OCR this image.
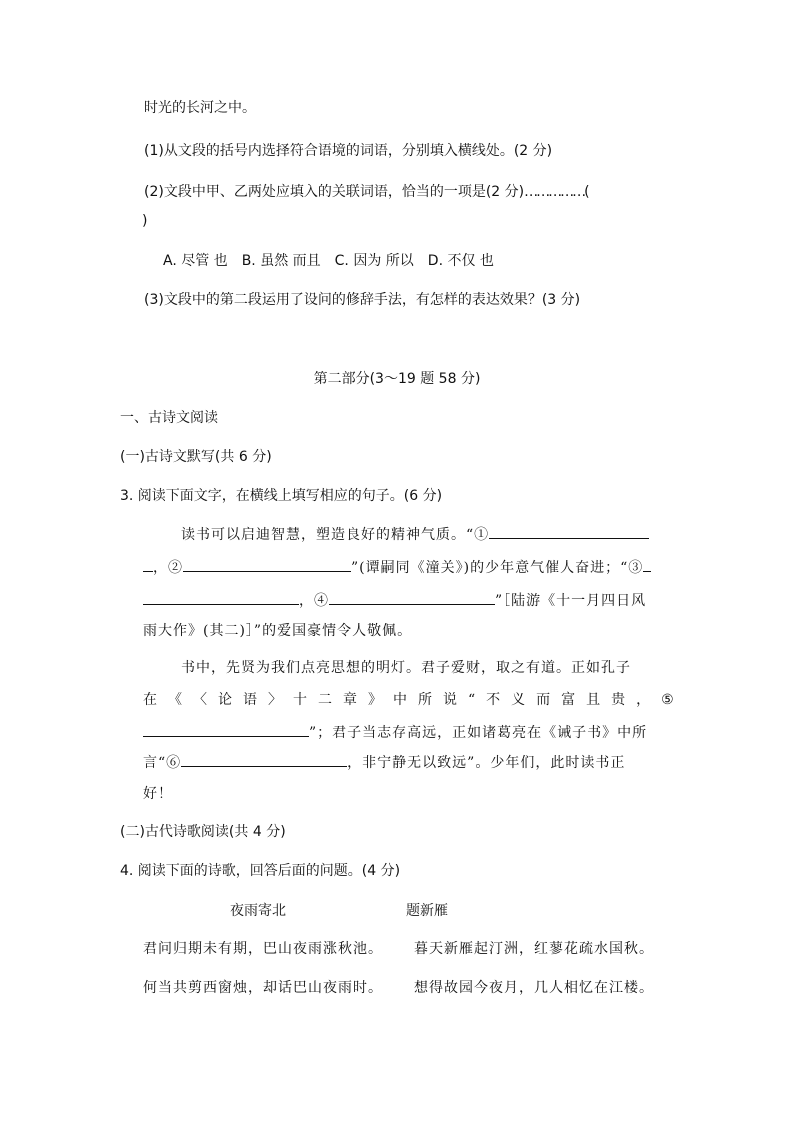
时光的长河之中。
(1)从文段的括号内选择符合语境的词语，分别填入横线处。(2 分)
(2)文段中甲、乙两处应填入的关联词语，恰当的一项是(2 分)……………(
)
A. 尽管 也 B. 虽然 而且 C. 因为 所以 D. 不仅 也
(3)文段中的第二段运用了设问的修辞手法，有怎样的表达效果？(3 分)
第二部分(3～19 题 58 分)
一、古诗文阅读
(一)古诗文默写(共 6 分)
3. 阅读下面文字，在横线上填写相应的句子。(6 分)
读书可以启迪智慧，塑造良好的精神气质。“①
，②	”(谭嗣同《潼关》)的少年意气催人奋进；“③
，④	”［陆游《十一月四日风
雨大作》(其二)］”的爱国豪情令人敬佩。
书中，先贤为我们点亮思想的明灯。君子爱财，取之有道。正如孔子
在 《 〈 论 语 〉 十 二 章 》 中 所 说 “ 不 义 而 富 且 贵 ， ⑤
”；君子当志存高远，正如诸葛亮在《诫子书》中所
言“⑥	，非宁静无以致远”。少年们，此时读书正
好！
(二)古代诗歌阅读(共 4 分)
4. 阅读下面的诗歌，回答后面的问题。(4 分)
夜雨寄北	题新雁
君问归期未有期，巴山夜雨涨秋池。 暮天新雁起汀洲，红蓼花疏水国秋。
何当共剪西窗烛，却话巴山夜雨时。 想得故园今夜月，几人相忆在江楼。
